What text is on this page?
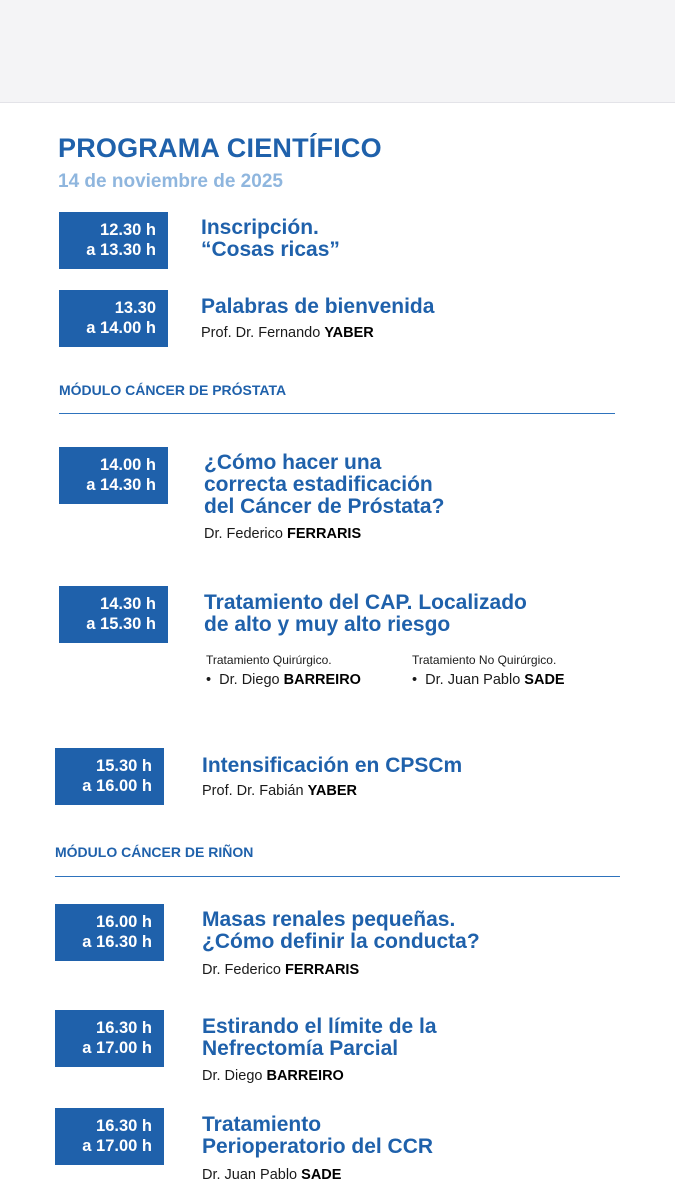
PROGRAMA CIENTÍFICO
14 de noviembre de 2025
12.30 h
a 13.30 h
Inscripción.
“Cosas ricas”
13.30
a 14.00 h
Palabras de bienvenida
Prof. Dr. Fernando YABER
MÓDULO CÁNCER DE PRÓSTATA
14.00 h
a 14.30 h
¿Cómo hacer una
correcta estadificación
del Cáncer de Próstata?
Dr. Federico FERRARIS
14.30 h
a 15.30 h
Tratamiento del CAP. Localizado
de alto y muy alto riesgo
Tratamiento Quirúrgico.
• Dr. Diego BARREIRO
Tratamiento No Quirúrgico.
• Dr. Juan Pablo SADE
15.30 h
a 16.00 h
Intensificación en CPSCm
Prof. Dr. Fabián YABER
MÓDULO CÁNCER DE RIÑON
16.00 h
a 16.30 h
Masas renales pequeñas.
¿Cómo definir la conducta?
Dr. Federico FERRARIS
16.30 h
a 17.00 h
Estirando el límite de la
Nefrectomía Parcial
Dr. Diego BARREIRO
16.30 h
a 17.00 h
Tratamiento
Perioperatorio del CCR
Dr. Juan Pablo SADE
